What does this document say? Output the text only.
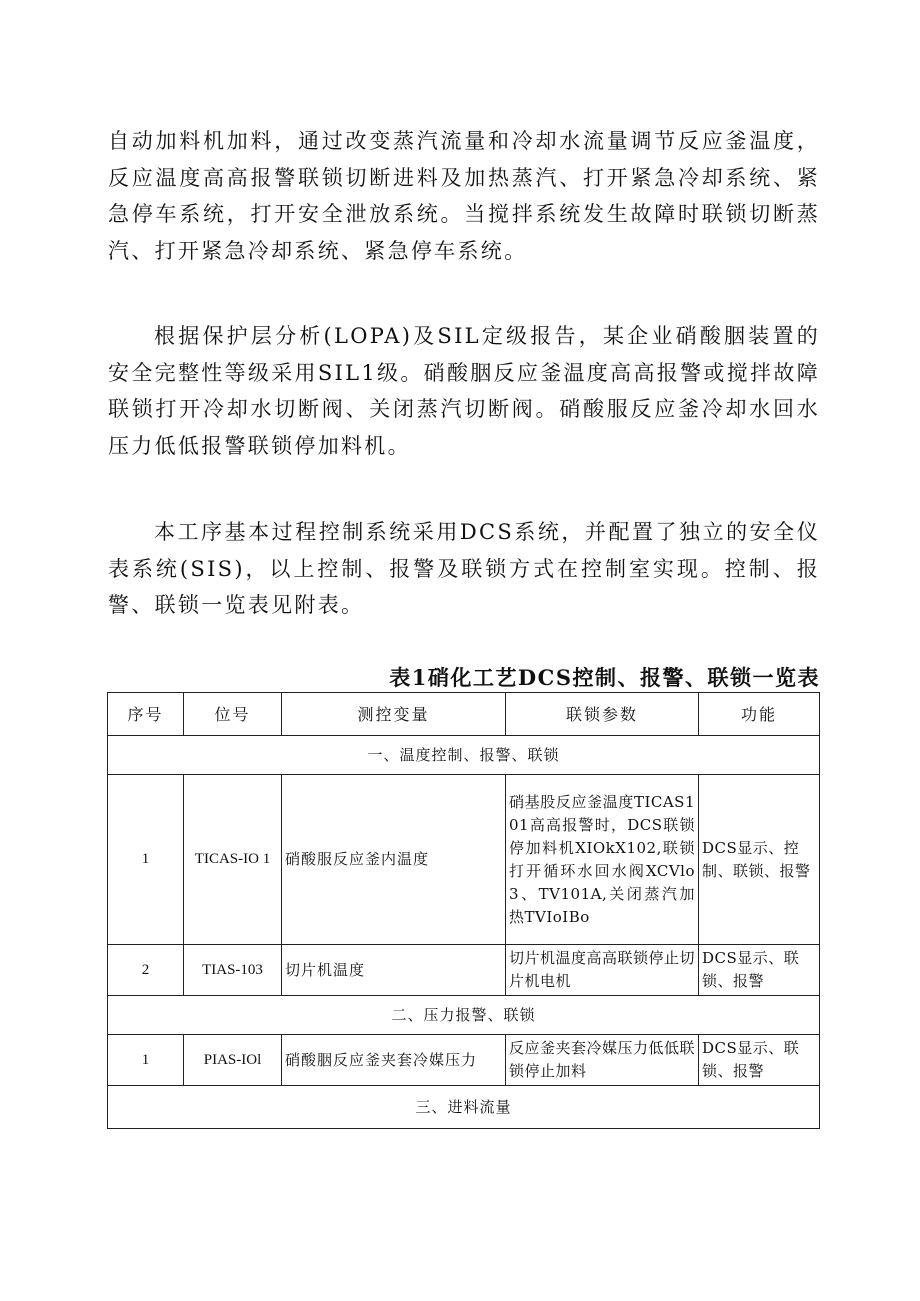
自动加料机加料，通过改变蒸汽流量和冷却水流量调节反应釜温度，反应温度高高报警联锁切断进料及加热蒸汽、打开紧急冷却系统、紧急停车系统，打开安全泄放系统。当搅拌系统发生故障时联锁切断蒸汽、打开紧急冷却系统、紧急停车系统。

根据保护层分析(LOPA)及SIL定级报告，某企业硝酸胭装置的安全完整性等级采用SIL1级。硝酸胭反应釜温度高高报警或搅拌故障联锁打开冷却水切断阀、关闭蒸汽切断阀。硝酸服反应釜冷却水回水压力低低报警联锁停加料机。

本工序基本过程控制系统采用DCS系统，并配置了独立的安全仪表系统(SIS)，以上控制、报警及联锁方式在控制室实现。控制、报警、联锁一览表见附表。

表1硝化工艺DCS控制、报警、联锁一览表
序号	位号	测控变量	联锁参数	功能
一、温度控制、报警、联锁				
1	TICAS-IO 1	硝酸服反应釜内温度	硝基股反应釜温度TICAS101高高报警时，DCS联锁停加料机XIOkX102,联锁打开循环水回水阀XCVlo3、TV101A,关闭蒸汽加热TVIoIBo	DCS显示、控制、联锁、报警
2	TIAS-103	切片机温度	切片机温度高高联锁停止切片机电机	DCS显示、联锁、报警
二、压力报警、联锁				
1	PIAS-IOl	硝酸胭反应釜夹套冷媒压力	反应釜夹套冷媒压力低低联锁停止加料	DCS显示、联锁、报警
三、进料流量				
